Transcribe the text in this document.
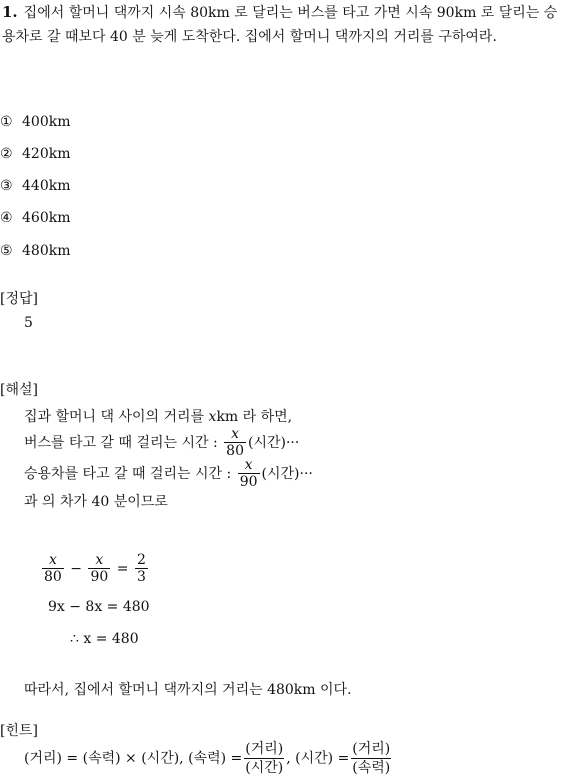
1. 집에서 할머니 댁까지 시속 80km 로 달리는 버스를 타고 가면 시속 90km 로 달리는 승용차로 갈 때보다 40 분 늦게 도착한다. 집에서 할머니 댁까지의 거리를 구하여라.
① 400km
② 420km
③ 440km
④ 460km
⑤ 480km
[정답]
5
[해설]
집과 할머니 댁 사이의 거리를 xkm 라 하면,
버스를 타고 갈 때 걸리는 시간 : $\frac{x}{80}$ (시간)···
승용차를 타고 갈 때 걸리는 시간 : $\frac{x}{90}$ (시간)···
과 의 차가 40 분이므로
$\frac{x}{80} - \frac{x}{90} = \frac{2}{3}$
9x − 8x = 480
∴ x = 480
따라서, 집에서 할머니 댁까지의 거리는 480km 이다.
[힌트]
(거리) = (속력) × (시간), (속력) =
(거리)
(시간)
, (시간) =
(거리)
(속력)
